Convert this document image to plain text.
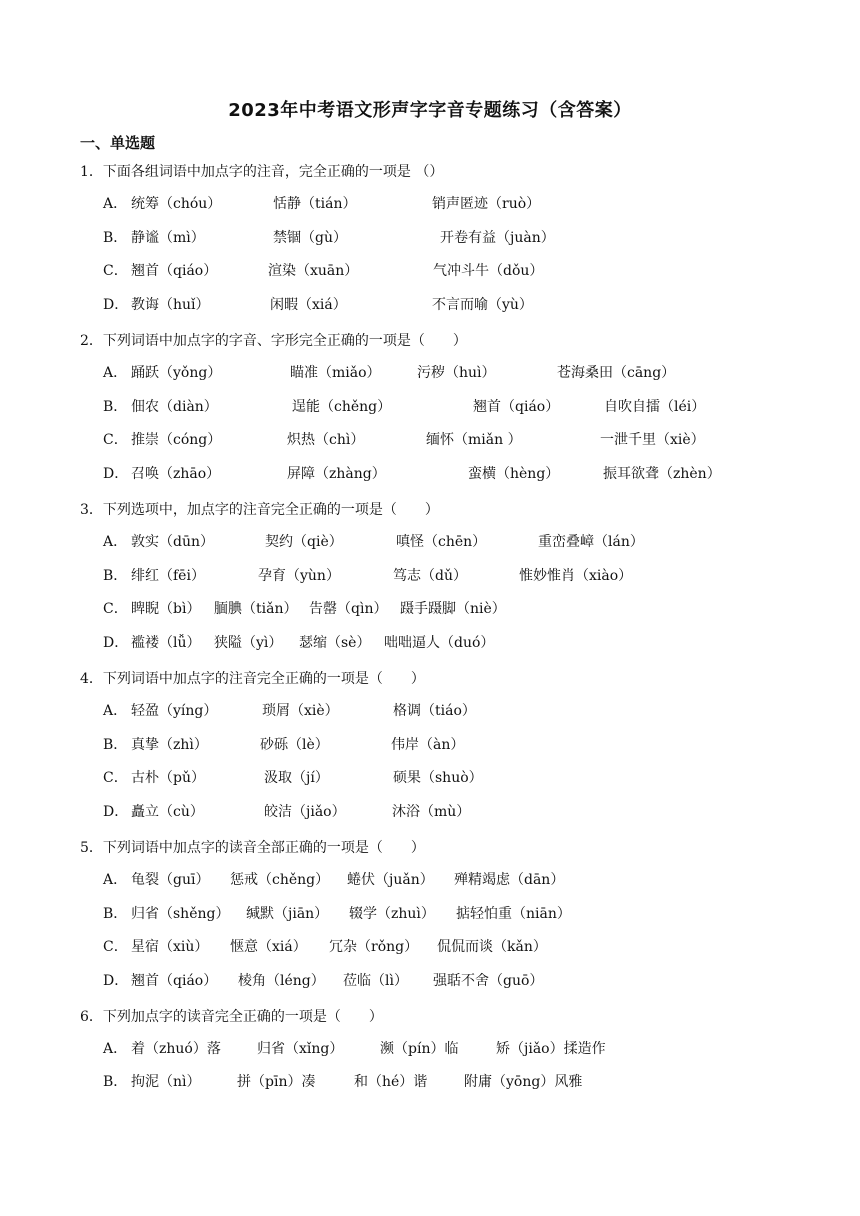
2023年中考语文形声字字音专题练习（含答案）
一、单选题
1．下面各组词语中加点字的注音，完全正确的一项是 （）
A． 统筹（chóu）	恬静（tián）	销声匿迹（ruò）
B． 静谧（mì）	禁锢（gù）	开卷有益（juàn）
C． 翘首（qiáo）	渲染（xuān）	气冲斗牛（dǒu）
D． 教诲（huǐ）	闲暇（xiá）	不言而喻（yù）
2．下列词语中加点字的字音、字形完全正确的一项是（　　）
A． 踊跃（yǒng）	瞄准（miǎo）	污秽（huì）	苍海桑田（cāng）
B． 佃农（diàn）	逞能（chěng）	翘首（qiáo）	自吹自擂（léi）
C． 推崇（cóng）	炽热（chì）	缅怀（miǎn ）	一泄千里（xiè）
D． 召唤（zhāo）	屏障（zhàng）	蛮横（hèng）	振耳欲聋（zhèn）
3．下列选项中，加点字的注音完全正确的一项是（　　）
A． 敦实（dūn）	契约（qiè）	嗔怪（chēn）	重峦叠嶂（lán）
B． 绯红（fēi）	孕育（yùn）	笃志（dǔ）	惟妙惟肖（xiào）
C． 睥睨（bì） 腼腆（tiǎn） 告罄（qìn） 蹑手蹑脚（niè）
D． 褴褛（lǚ） 狭隘（yì） 瑟缩（sè） 咄咄逼人（duó）
4．下列词语中加点字的注音完全正确的一项是（　　）
A． 轻盈（yíng）	琐屑（xiè）	格调（tiáo）
B． 真挚（zhì）	砂砾（lè）	伟岸（àn）
C． 古朴（pǔ）	汲取（jí）	硕果（shuò）
D． 矗立（cù）	皎洁（jiǎo）	沐浴（mù）
5．下列词语中加点字的读音全部正确的一项是（　　）
A． 龟裂（guī） 惩戒（chěng） 蜷伏（juǎn） 殚精竭虑（dān）
B． 归省（shěng） 缄默（jiān） 辍学（zhuì） 掂轻怕重（niān）
C． 星宿（xiù） 惬意（xiá） 冗杂（rǒng） 侃侃而谈（kǎn）
D． 翘首（qiáo） 棱角（léng） 莅临（lì） 强聒不舍（guō）
6．下列加点字的读音完全正确的一项是（　　）
A． 着（zhuó）落	归省（xǐng）	濒（pín）临	矫（jiǎo）揉造作
B． 拘泥（nì）	拼（pīn）凑	和（hé）谐	附庸（yōng）风雅
